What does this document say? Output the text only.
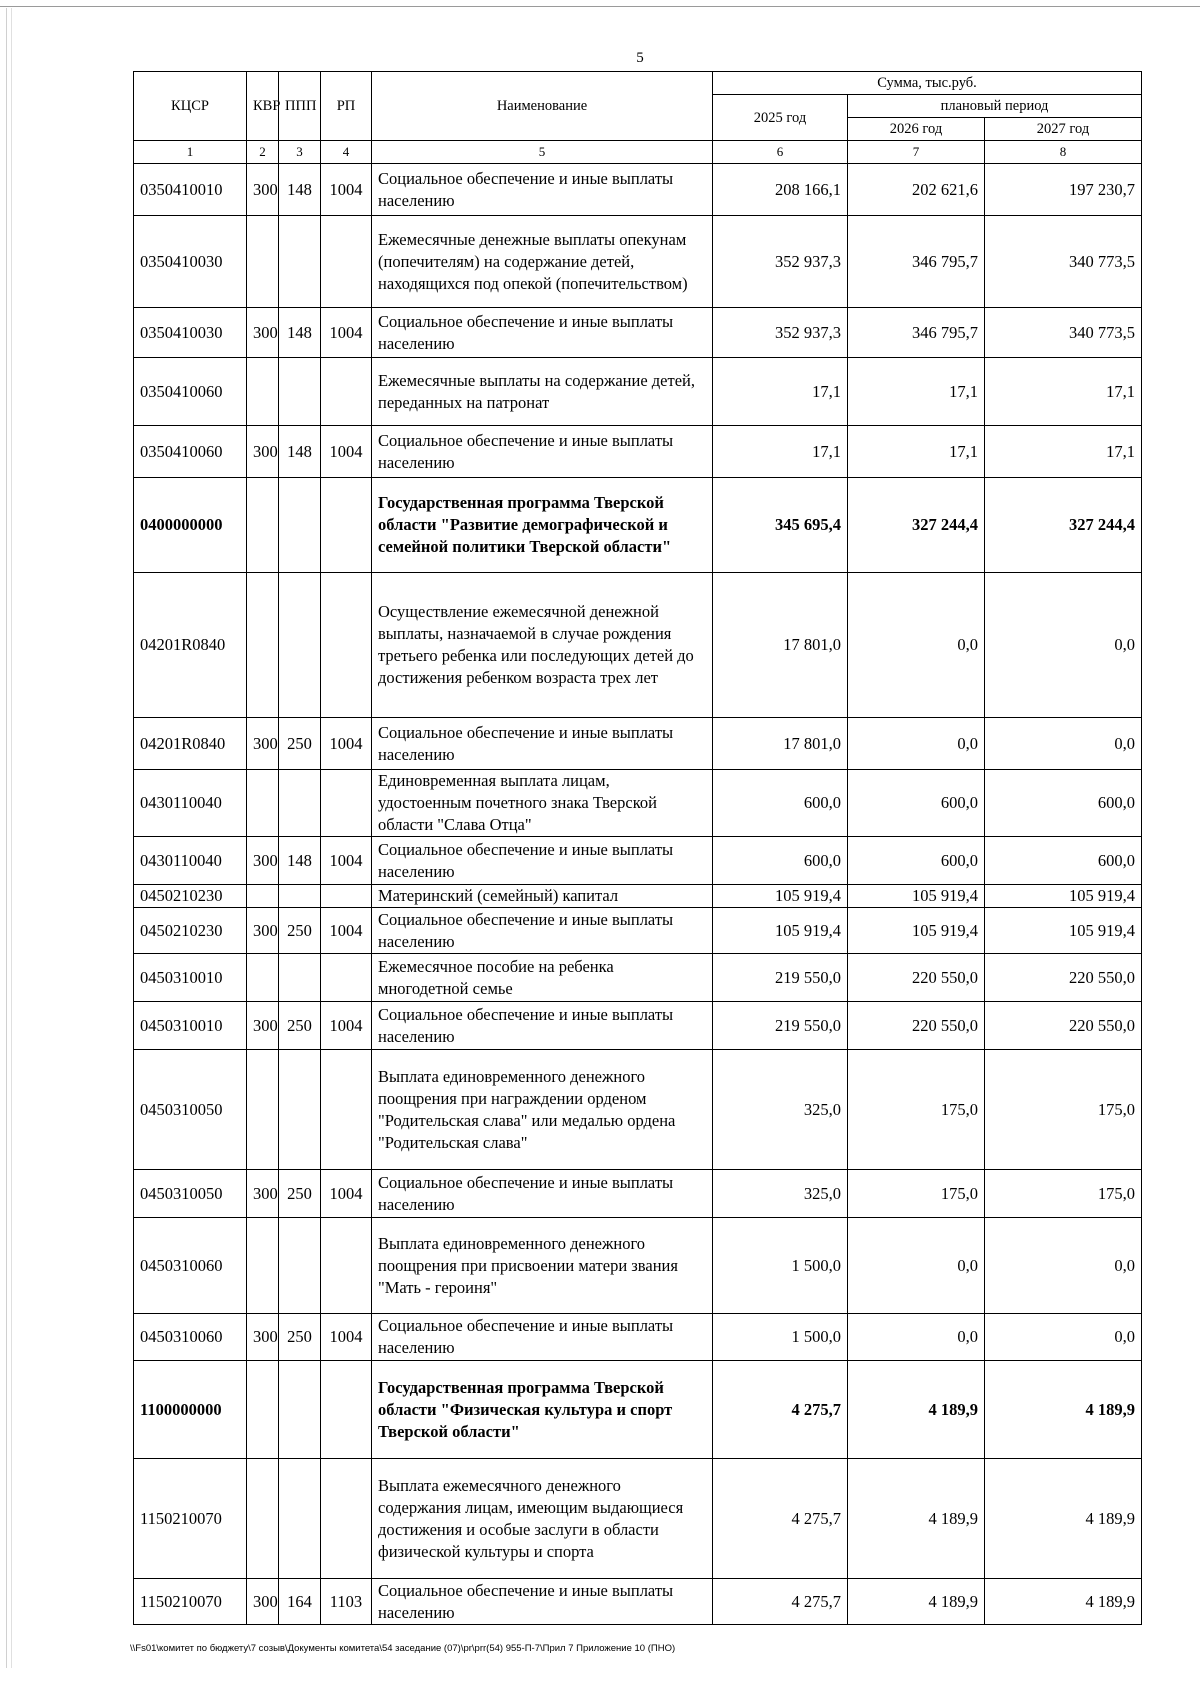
5
КЦСР	КВР	ППП	РП	Наименование	Сумма, тыс.руб.		
					2025 год	плановый период	
						2026 год	2027 год
1	2	3	4	5	6	7	8
0350410010	300	148	1004	Социальное обеспечение и иные выплаты населению	208 166,1	202 621,6	197 230,7
0350410030				Ежемесячные денежные выплаты опекунам (попечителям) на содержание детей, находящихся под опекой (попечительством)	352 937,3	346 795,7	340 773,5
0350410030	300	148	1004	Социальное обеспечение и иные выплаты населению	352 937,3	346 795,7	340 773,5
0350410060				Ежемесячные выплаты на содержание детей, переданных на патронат	17,1	17,1	17,1
0350410060	300	148	1004	Социальное обеспечение и иные выплаты населению	17,1	17,1	17,1
0400000000				Государственная программа Тверской области "Развитие демографической и семейной политики Тверской области"	345 695,4	327 244,4	327 244,4
04201R0840				Осуществление ежемесячной денежной выплаты, назначаемой в случае рождения третьего ребенка или последующих детей до достижения ребенком возраста трех лет	17 801,0	0,0	0,0
04201R0840	300	250	1004	Социальное обеспечение и иные выплаты населению	17 801,0	0,0	0,0
0430110040				Единовременная выплата лицам, удостоенным почетного знака Тверской области "Слава Отца"	600,0	600,0	600,0
0430110040	300	148	1004	Социальное обеспечение и иные выплаты населению	600,0	600,0	600,0
0450210230				Материнский (семейный) капитал	105 919,4	105 919,4	105 919,4
0450210230	300	250	1004	Социальное обеспечение и иные выплаты населению	105 919,4	105 919,4	105 919,4
0450310010				Ежемесячное пособие на ребенка многодетной семье	219 550,0	220 550,0	220 550,0
0450310010	300	250	1004	Социальное обеспечение и иные выплаты населению	219 550,0	220 550,0	220 550,0
0450310050				Выплата единовременного денежного поощрения при награждении орденом "Родительская слава" или медалью ордена "Родительская слава"	325,0	175,0	175,0
0450310050	300	250	1004	Социальное обеспечение и иные выплаты населению	325,0	175,0	175,0
0450310060				Выплата единовременного денежного поощрения при присвоении матери звания "Мать - героиня"	1 500,0	0,0	0,0
0450310060	300	250	1004	Социальное обеспечение и иные выплаты населению	1 500,0	0,0	0,0
1100000000				Государственная программа Тверской области "Физическая культура и спорт Тверской области"	4 275,7	4 189,9	4 189,9
1150210070				Выплата ежемесячного денежного содержания лицам, имеющим выдающиеся достижения и особые заслуги в области физической культуры и спорта	4 275,7	4 189,9	4 189,9
1150210070	300	164	1103	Социальное обеспечение и иные выплаты населению	4 275,7	4 189,9	4 189,9
\\Fs01\комитет по бюджету\7 созыв\Документы комитета\54 заседание (07)\pr\prr(54) 955-П-7\Прил 7 Приложение 10 (ПНО)
